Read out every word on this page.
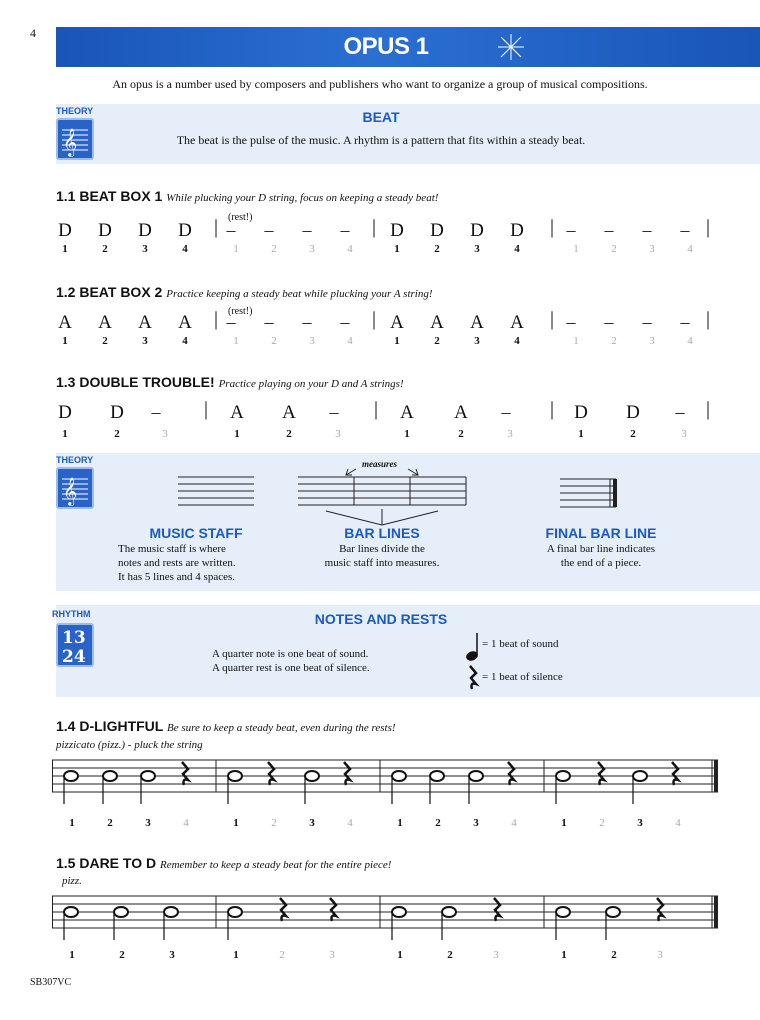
4	OPUS 1
An opus is a number used by composers and publishers who want to organize a group of musical compositions.
THEORY
𝄞
BEAT
The beat is the pulse of the music. A rhythm is a pattern that fits within a steady beat.
1.1 BEAT BOX 1 While plucking your D string, focus on keeping a steady beat!
(rest!)
D	D	D	D	| –	–	–	– | D	D	D	D	| –	–	–	– |
1	2	3	4	1	2	3	4	1	2	3	4	1	2	3	4
1.2 BEAT BOX 2 Practice keeping a steady beat while plucking your A string!
(rest!)
A	A	A	A	| –	–	–	– | A	A	A	A	| –	–	–	– |
1	2	3	4	1	2	3	4	1	2	3	4	1	2	3	4
1.3 DOUBLE TROUBLE! Practice playing on your D and A strings!
D	D	– |	A	A	– |	A	A	– |	D	D	– |
1	2	3	1	2	3	1	2	3	1	2	3
THEORY
𝄞
measures
MUSIC STAFF
The music staff is where
notes and rests are written.
It has 5 lines and 4 spaces.
BAR LINES
Bar lines divide the
music staff into measures.
FINAL BAR LINE
A final bar line indicates
the end of a piece.
RHYTHM
13
24
NOTES AND RESTS
A quarter note is one beat of sound.
A quarter rest is one beat of silence.
= 1 beat of sound
= 1 beat of silence
1.4 D-LIGHTFUL Be sure to keep a steady beat, even during the rests!
pizzicato (pizz.) - pluck the string
1	2	3	4	1	2	3	4	1	2	3	4	1	2	3	4
1.5 DARE TO D Remember to keep a steady beat for the entire piece!
pizz.
1	2	3	1	2	3	1	2	3	1	2	3
SB307VC
